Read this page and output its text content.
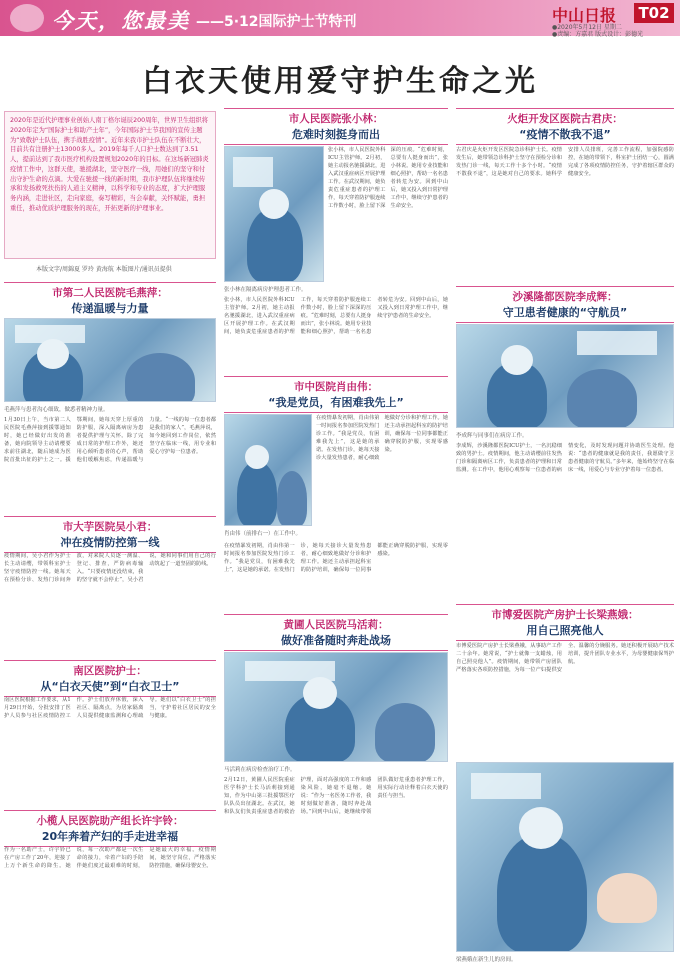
今天，您最美 ——5·12国际护士节特刊	中山日报 T02
●2020年5月12日 星期二
●责编：方嘉君 版式设计：彭德光
白衣天使用爱守护生命之光
2020年是近代护理事业创始人南丁格尔诞辰200周年，世界卫生组织将2020年定为“国际护士和助产士年”，今年国际护士节我国的宣传主题为“致敬护士队伍，携手战胜疫情”。近年来我市护士队伍在不断壮大，目前共有注册护士13000多人。2019年每千人口护士数达到了3.51人，提前达到了我市医疗机构设置规划2020年的目标。在这场新冠肺炎疫情工作中，这群天使，驰援湖北，坚守医疗一线，用她们的坚守和付出守护生命的点滴。大爱在驰援一线的新时期，我市护理队伍将继续传承和发扬救死扶伤的人道主义精神，以科学和专业的态度，扩大护理服务内涵，走进社区，走向家庭，奏写精彩，当会奉献，关怀赋能，勇担重任，推动优质护理服务的现在，开拓更新的护理事业。
本版文字/周錦夏 罗玲 黄海航 本版图片/通讯员提供
市第二人民医院毛燕萍：
传递温暖与力量
毛燕萍与患者沟心细致，做悉者精神力量。
1月30日上午，当市第二人民医院毛燕萍接到援鄂通知时，她已经做好出发的准备，她向院领导主动请缨要求前往湖北，随后她成为医院首批出征的护士之一。援鄂期间，她每天穿上厚重的防护服，深入隔离病房为患者提供护理与关怀。除了完成日常的护理工作外，她还用心倾听患者的心声，帮助他们缓解焦虑，传递温暖与力量。“一线的每一位患者都是我们的家人”，毛燕萍说，如今她回到工作岗位，依然坚守在临床一线，用专业和爱心守护每一位患者。
市大芋医院吴小君：
冲在疫情防控第一线
疫情期间，吴小君作为护士长主动请缨，带领科室护士坚守疫情防控一线。她每天在预检分诊、发热门诊间奔波，对来院人员逐一测温、登记、排查，严防病毒输入。“只要疫情还没结束，我的坚守就不会停止”，吴小君说，她和同事们用自己的行动筑起了一道坚固的防线。
南区医院护士：
从“白衣天使”到“白衣卫士”
南区医院根据工作要求，从1月29日开始，分批安排了医护人员参与社区疫情防控工作。护士们放弃休假，深入社区、隔离点，为居家隔离人员提供健康监测和心理疏导。她们以“白衣卫士”的担当，守护着社区居民的安全与健康。
小榄人民医院助产组长许宇铃：
20年奔着产妇的手走进幸福
作为一名助产士，许宇铃已在产房工作了20年，迎接了上万个新生命的降生。她说，每一次助产都是一次生命的接力，牵着产妇的手陪伴她们度过最艰难的时刻，是她最大的幸福。疫情期间，她坚守岗位，严格落实防控措施，确保母婴安全。
市人民医院张小林：
危难时刻挺身而出
张小林在隔离病房护理患者工作。
张小林，市人民医院外科ICU主管护师。2月初，她主动报名驰援湖北，进入武汉重症病区开展护理工作。在武汉期间，她负责危重症患者的护理工作，每天穿着防护服连续工作数小时，脸上留下深深的压痕。“危难时刻，总要有人挺身而出”，张小林说。她用专业技能和细心照护，帮助一名名患者转危为安。回到中山后，她又投入到日常护理工作中，继续守护患者的生命安全。
张小林，市人民医院外科ICU主管护师。2月初，她主动报名驰援湖北，进入武汉重症病区开展护理工作。在武汉期间，她负责危重症患者的护理工作，每天穿着防护服连续工作数小时，脸上留下深深的压痕。“危难时刻，总要有人挺身而出”，张小林说。她用专业技能和细心照护，帮助一名名患者转危为安。回到中山后，她又投入到日常护理工作中，继续守护患者的生命安全。
市中医院肖由伟：
“我是党员，有困难我先上”
肖由伟（前排右一）在工作中。
在疫情暴发初期，肖由伟第一时间报名参加医院发热门诊工作。“我是党员，有困难我先上”，这是她的承诺。在发热门诊，她每天接诊大量发热患者，耐心细致地做好分诊和护理工作。她还主动承担起科室的防护培训，确保每一位同事都能正确穿脱防护服，实现零感染。
在疫情暴发初期，肖由伟第一时间报名参加医院发热门诊工作。“我是党员，有困难我先上”，这是她的承诺。在发热门诊，她每天接诊大量发热患者，耐心细致地做好分诊和护理工作。她还主动承担起科室的防护培训，确保每一位同事都能正确穿脱防护服，实现零感染。
黄圃人民医院马活莉：
做好准备随时奔赴战场
马活莉在病房检查治疗工作。
2月12日，黄圃人民医院重症医学科护士长马活莉接到通知，作为中山第三批援鄂医疗队队员出征湖北。在武汉，她和队友们负责重症患者的救治护理，面对高强度的工作和感染风险，她毫不退缩。她说：“作为一名医务工作者，我时刻做好准备，随时奔赴战场。”回到中山后，她继续带领团队做好危重患者护理工作，用实际行动诠释着白衣天使的责任与担当。
火炬开发区医院古君庆：
“疫情不散我不退”
古君庆是火炬开发区医院急诊科护士长。疫情发生后，她带领急诊科护士坚守在预检分诊和发热门诊一线，每天工作十多个小时。“疫情不散我不退”，这是她对自己的要求。她科学安排人员排班，完善工作流程，加强院感防控，在她的带领下，科室护士团结一心，圆满完成了各项疫情防控任务，守护着辖区群众的健康安全。
沙溪隆都医院李成辉：
守卫患者健康的“守航员”
李成辉与同事们在病房工作。
李成辉，沙溪隆都医院ICU护士，一名沉稳细致的男护士。疫情期间，他主动请缨前往发热门诊和隔离病区工作，负责患者的护理和日常监测。在工作中，他用心观察每一位患者的病情变化，及时发现问题并协助医生处理。他说：“患者的健康就是我的责任，我愿做守卫患者健康的守航员。”多年来，他始终坚守在临床一线，用爱心与专业守护着每一位患者。
市博爱医院产房护士长梁燕娥：
用自己照亮他人
市博爱医院产房护士长梁燕娥，从事助产工作二十余年。她常说，“护士就像一支蜡烛，用自己照亮他人”。疫情期间，她带领产房团队严格落实各项防控措施，为每一位产妇提供安全、温馨的分娩服务。她还积极开展助产技术培训，提升团队专业水平，为母婴健康保驾护航。
梁燕娥在新生儿的房间。
